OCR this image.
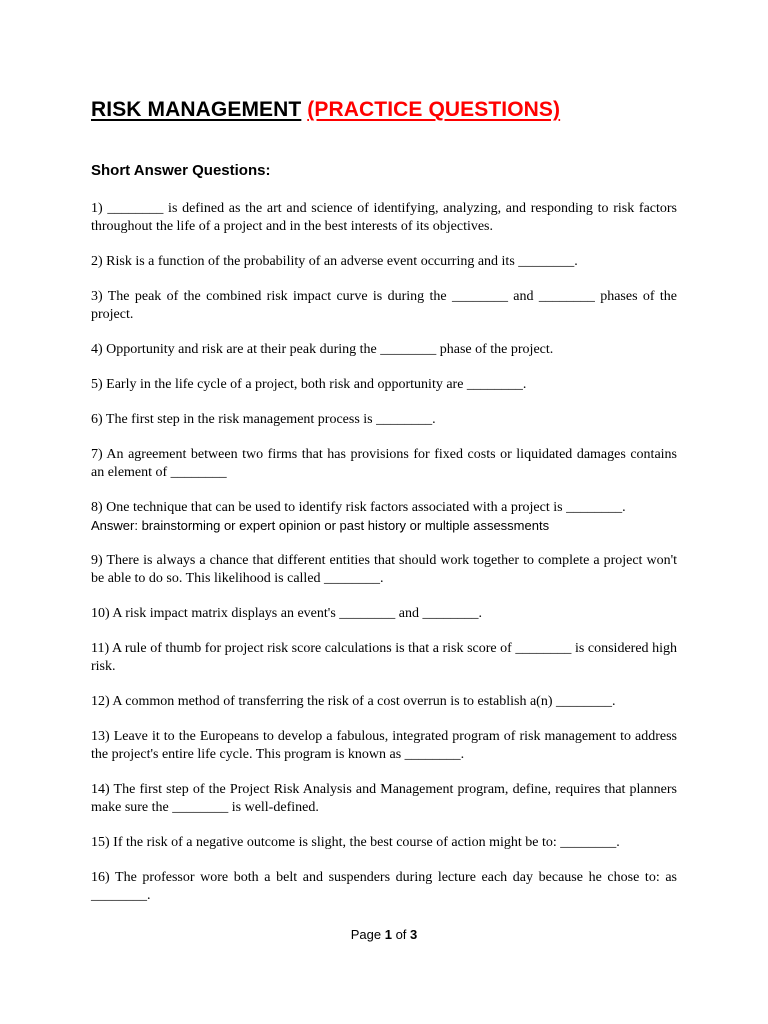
RISK MANAGEMENT (PRACTICE QUESTIONS)
Short Answer Questions:
1) ________ is defined as the art and science of identifying, analyzing, and responding to risk factors throughout the life of a project and in the best interests of its objectives.
2) Risk is a function of the probability of an adverse event occurring and its ________.
3) The peak of the combined risk impact curve is during the ________ and ________ phases of the project.
4) Opportunity and risk are at their peak during the ________ phase of the project.
5) Early in the life cycle of a project, both risk and opportunity are ________.
6) The first step in the risk management process is ________.
7) An agreement between two firms that has provisions for fixed costs or liquidated damages contains an element of ________
8) One technique that can be used to identify risk factors associated with a project is ________.
Answer: brainstorming or expert opinion or past history or multiple assessments
9) There is always a chance that different entities that should work together to complete a project won't be able to do so. This likelihood is called ________.
10) A risk impact matrix displays an event's ________ and ________.
11) A rule of thumb for project risk score calculations is that a risk score of ________ is considered high risk.
12) A common method of transferring the risk of a cost overrun is to establish a(n) ________.
13) Leave it to the Europeans to develop a fabulous, integrated program of risk management to address the project's entire life cycle. This program is known as ________.
14) The first step of the Project Risk Analysis and Management program, define, requires that planners make sure the ________ is well-defined.
15) If the risk of a negative outcome is slight, the best course of action might be to: ________.
16) The professor wore both a belt and suspenders during lecture each day because he chose to: as ________.
Page 1 of 3
